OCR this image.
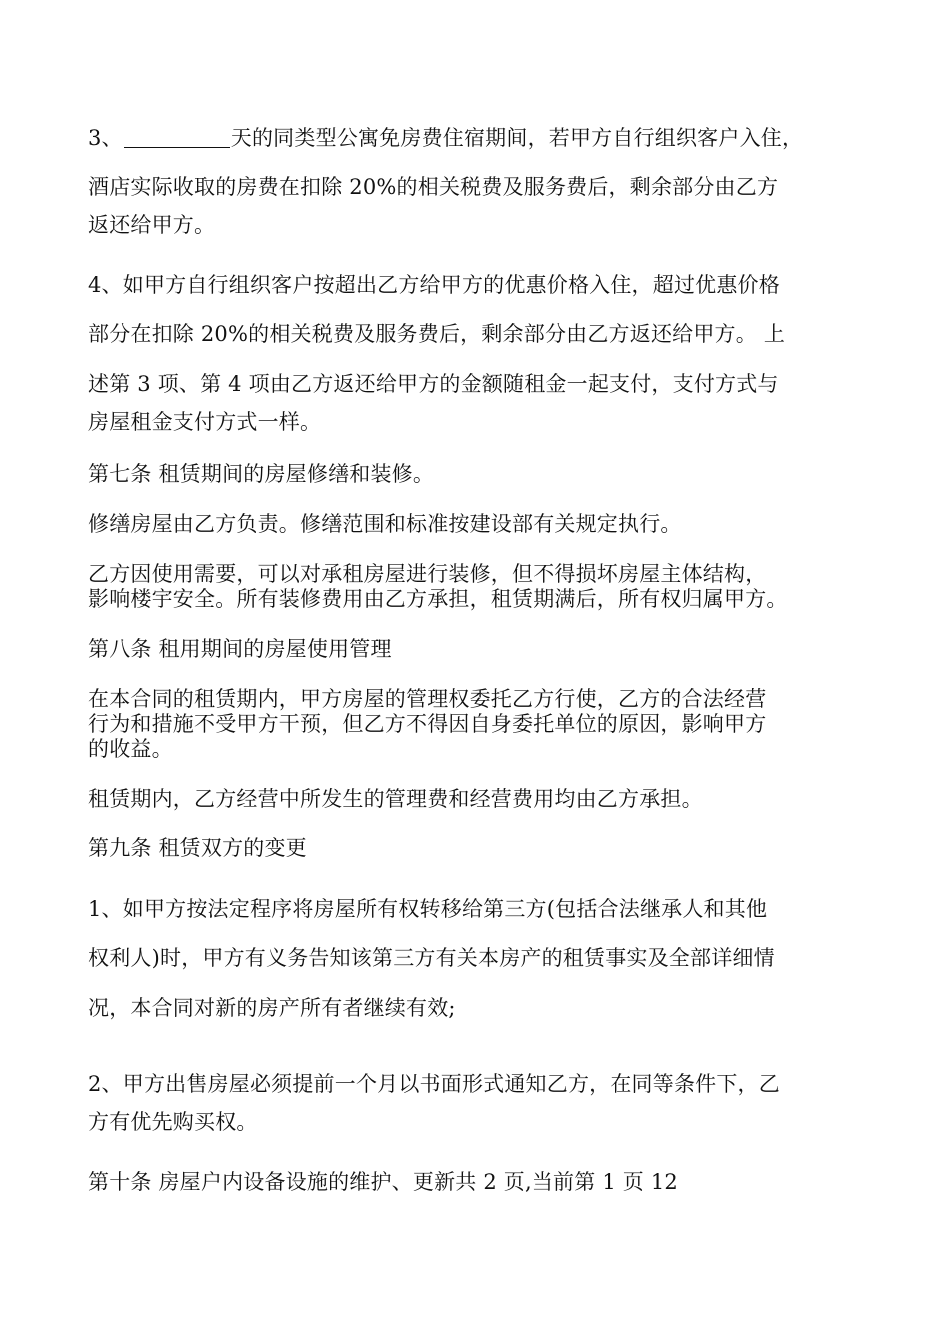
3、	天的同类型公寓免房费住宿期间，若甲方自行组织客户入住，
酒店实际收取的房费在扣除 20%的相关税费及服务费后，剩余部分由乙方
返还给甲方。
4、如甲方自行组织客户按超出乙方给甲方的优惠价格入住，超过优惠价格
部分在扣除 20%的相关税费及服务费后，剩余部分由乙方返还给甲方。 上
述第 3 项、第 4 项由乙方返还给甲方的金额随租金一起支付，支付方式与
房屋租金支付方式一样。
第七条 租赁期间的房屋修缮和装修。
修缮房屋由乙方负责。修缮范围和标准按建设部有关规定执行。
乙方因使用需要，可以对承租房屋进行装修，但不得损坏房屋主体结构，
影响楼宇安全。所有装修费用由乙方承担，租赁期满后，所有权归属甲方。
第八条 租用期间的房屋使用管理
在本合同的租赁期内，甲方房屋的管理权委托乙方行使，乙方的合法经营
行为和措施不受甲方干预，但乙方不得因自身委托单位的原因，影响甲方
的收益。
租赁期内，乙方经营中所发生的管理费和经营费用均由乙方承担。
第九条 租赁双方的变更
1、如甲方按法定程序将房屋所有权转移给第三方(包括合法继承人和其他
权利人)时，甲方有义务告知该第三方有关本房产的租赁事实及全部详细情
况，本合同对新的房产所有者继续有效;
2、甲方出售房屋必须提前一个月以书面形式通知乙方，在同等条件下，乙
方有优先购买权。
第十条 房屋户内设备设施的维护、更新共 2 页,当前第 1 页 12
